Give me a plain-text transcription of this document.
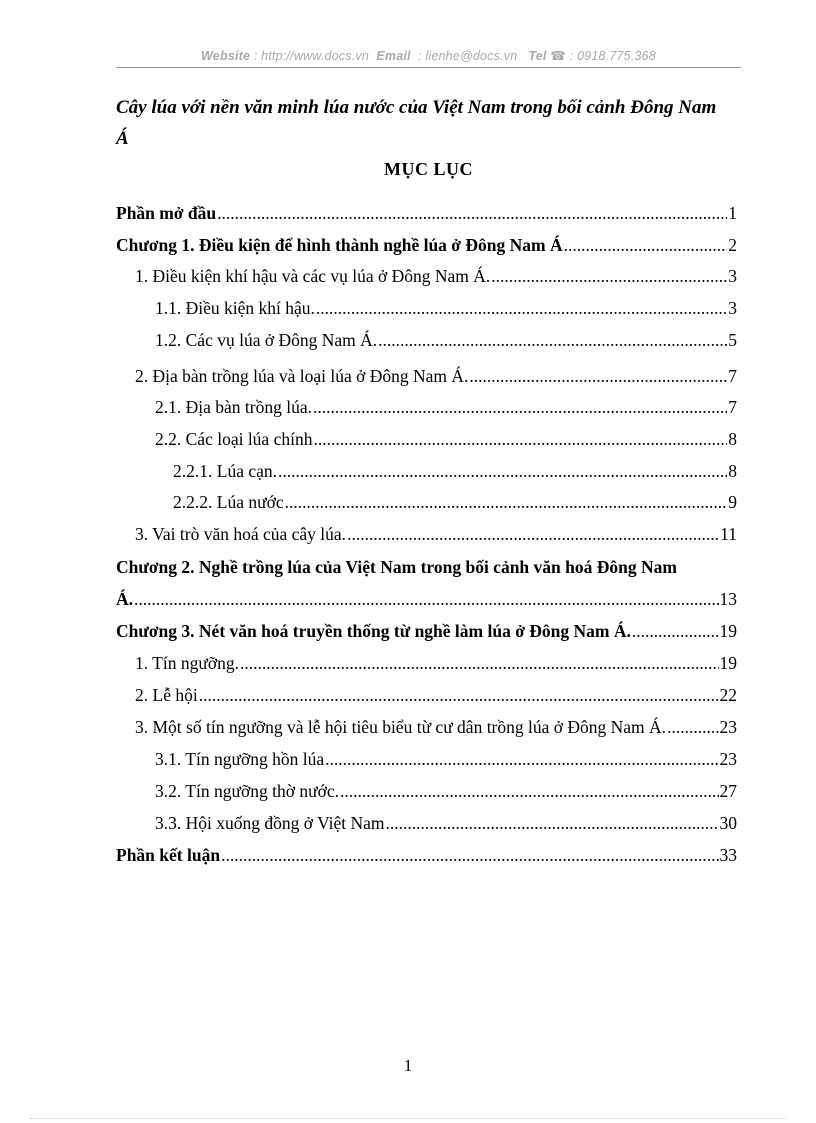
Website : http://www.docs.vn Email : lienhe@docs.vn Tel ☎ : 0918.775.368
Cây lúa với nền văn minh lúa nước của Việt Nam trong bối cảnh Đông Nam
Á
MỤC LỤC
Phần mở đầu .....	1
Chương 1. Điều kiện để hình thành nghề lúa ở Đông Nam Á .....	2
1. Điều kiện khí hậu và các vụ lúa ở Đông Nam Á. .....	3
1.1. Điều kiện khí hậu. .....	3
1.2. Các vụ lúa ở Đông Nam Á. .....	5
2. Địa bàn trồng lúa và loại lúa ở Đông Nam Á. .....	7
2.1. Địa bàn trồng lúa. .....	7
2.2. Các loại lúa chính .....	8
2.2.1. Lúa cạn. .....	8
2.2.2. Lúa nước .....	9
3. Vai trò văn hoá của cây lúa. .....	11
Chương 2. Nghề trồng lúa của Việt Nam trong bối cảnh văn hoá Đông Nam
Á. .....	13
Chương 3. Nét văn hoá truyền thống từ nghề làm lúa ở Đông Nam Á. .....	19
1. Tín ngưỡng. .....	19
2. Lễ hội .....	22
3. Một số tín ngưỡng và lễ hội tiêu biểu từ cư dân trồng lúa ở Đông Nam Á. .....	23
3.1. Tín ngưỡng hồn lúa .....	23
3.2. Tín ngưỡng thờ nước. .....	27
3.3. Hội xuống đồng ở Việt Nam .....	30
Phần kết luận .....	33
1
